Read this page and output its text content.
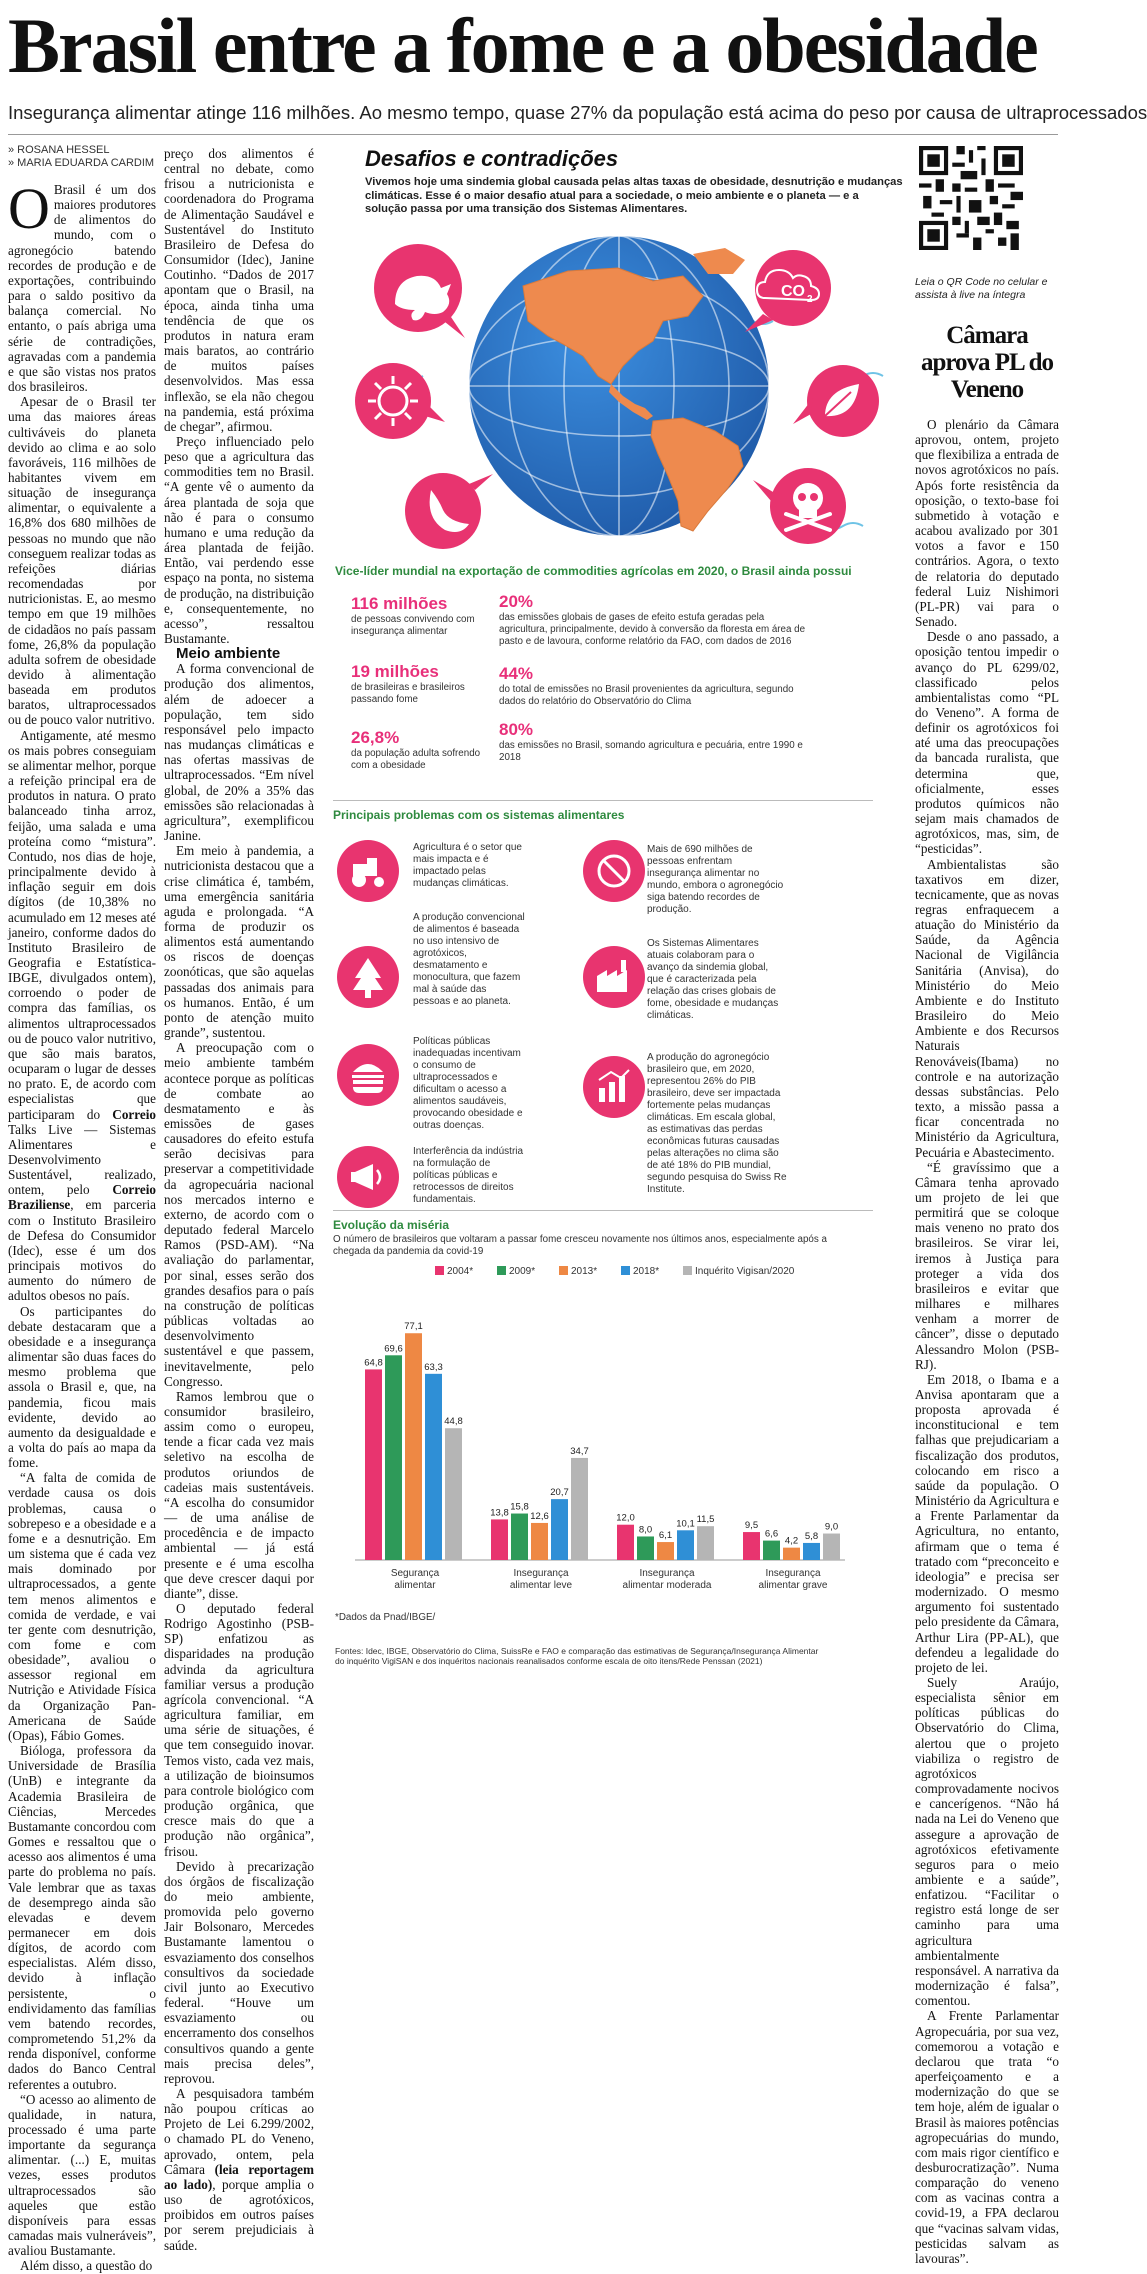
Brasil entre a fome e a obesidade
Insegurança alimentar atinge 116 milhões. Ao mesmo tempo, quase 27% da população está acima do peso por causa de ultraprocessados
» ROSANA HESSEL
» MARIA EDUARDA CARDIM

O Brasil é um dos maiores produtores de alimentos do mundo, com o agronegócio batendo recordes de produção e de exportações, contribuindo para o saldo positivo da balança comercial. No entanto, o país abriga uma série de contradições, agravadas com a pandemia e que são vistas nos pratos dos brasileiros.

Apesar de o Brasil ter uma das maiores áreas cultiváveis do planeta devido ao clima e ao solo favoráveis, 116 milhões de habitantes vivem em situação de insegurança alimentar, o equivalente a 16,8% dos 680 milhões de pessoas no mundo que não conseguem realizar todas as refeições diárias recomendadas por nutricionistas. E, ao mesmo tempo em que 19 milhões de cidadãos no país passam fome, 26,8% da população adulta sofrem de obesidade devido à alimentação baseada em produtos baratos, ultraprocessados ou de pouco valor nutritivo.

Antigamente, até mesmo os mais pobres conseguiam se alimentar melhor, porque a refeição principal era de produtos in natura. O prato balanceado tinha arroz, feijão, uma salada e uma proteína como “mistura”. Contudo, nos dias de hoje, principalmente devido à inflação seguir em dois dígitos (de 10,38% no acumulado em 12 meses até janeiro, conforme dados do Instituto Brasileiro de Geografia e Estatística-IBGE, divulgados ontem), corroendo o poder de compra das famílias, os alimentos ultraprocessados ou de pouco valor nutritivo, que são mais baratos, ocuparam o lugar de desses no prato. E, de acordo com especialistas que participaram do Correio Talks Live — Sistemas Alimentares e Desenvolvimento Sustentável, realizado, ontem, pelo Correio Braziliense, em parceria com o Instituto Brasileiro de Defesa do Consumidor (Idec), esse é um dos principais motivos do aumento do número de adultos obesos no país.

Os participantes do debate destacaram que a obesidade e a insegurança alimentar são duas faces do mesmo problema que assola o Brasil e, que, na pandemia, ficou mais evidente, devido ao aumento da desigualdade e a volta do país ao mapa da fome.

“A falta de comida de verdade causa os dois problemas, causa o sobrepeso e a obesidade e a fome e a desnutrição. Em um sistema que é cada vez mais dominado por ultraprocessados, a gente tem menos alimentos e comida de verdade, e vai ter gente com desnutrição, com fome e com obesidade”, avaliou o assessor regional em Nutrição e Atividade Física da Organização Pan-Americana de Saúde (Opas), Fábio Gomes.

Bióloga, professora da Universidade de Brasília (UnB) e integrante da Academia Brasileira de Ciências, Mercedes Bustamante concordou com Gomes e ressaltou que o acesso aos alimentos é uma parte do problema no país. Vale lembrar que as taxas de desemprego ainda são elevadas e devem permanecer em dois dígitos, de acordo com especialistas. Além disso, devido à inflação persistente, o endividamento das famílias vem batendo recordes, comprometendo 51,2% da renda disponível, conforme dados do Banco Central referentes a outubro.

“O acesso ao alimento de qualidade, in natura, processado é uma parte importante da segurança alimentar. (...) E, muitas vezes, esses produtos ultraprocessados são aqueles que estão disponíveis para essas camadas mais vulneráveis”, avaliou Bustamante.

Além disso, a questão do

preço dos alimentos é central no debate, como frisou a nutricionista e coordenadora do Programa de Alimentação Saudável e Sustentável do Instituto Brasileiro de Defesa do Consumidor (Idec), Janine Coutinho. “Dados de 2017 apontam que o Brasil, na época, ainda tinha uma tendência de que os produtos in natura eram mais baratos, ao contrário de muitos países desenvolvidos. Mas essa inflexão, se ela não chegou na pandemia, está próxima de chegar”, afirmou.

Preço influenciado pelo peso que a agricultura das commodities tem no Brasil. “A gente vê o aumento da área plantada de soja que não é para o consumo humano e uma redução da área plantada de feijão. Então, vai perdendo esse espaço na ponta, no sistema de produção, na distribuição e, consequentemente, no acesso”, ressaltou Bustamante.

Meio ambiente

A forma convencional de produção dos alimentos, além de adoecer a população, tem sido responsável pelo impacto nas mudanças climáticas e nas ofertas massivas de ultraprocessados. “Em nível global, de 20% a 35% das emissões são relacionadas à agricultura”, exemplificou Janine.

Em meio à pandemia, a nutricionista destacou que a crise climática é, também, uma emergência sanitária aguda e prolongada. “A forma de produzir os alimentos está aumentando os riscos de doenças zoonóticas, que são aquelas passadas dos animais para os humanos. Então, é um ponto de atenção muito grande”, sustentou.

A preocupação com o meio ambiente também acontece porque as políticas de combate ao desmatamento e às emissões de gases causadores do efeito estufa serão decisivas para preservar a competitividade da agropecuária nacional nos mercados interno e externo, de acordo com o deputado federal Marcelo Ramos (PSD-AM). “Na avaliação do parlamentar, por sinal, esses serão dos grandes desafios para o país na construção de políticas públicas voltadas ao desenvolvimento sustentável e que passem, inevitavelmente, pelo Congresso.

Ramos lembrou que o consumidor brasileiro, assim como o europeu, tende a ficar cada vez mais seletivo na escolha de produtos oriundos de cadeias mais sustentáveis. “A escolha do consumidor — de uma análise de procedência e de impacto ambiental — já está presente e é uma escolha que deve crescer daqui por diante”, disse.

O deputado federal Rodrigo Agostinho (PSB-SP) enfatizou as disparidades na produção advinda da agricultura familiar versus a produção agrícola convencional. “A agricultura familiar, em uma série de situações, é que tem conseguido inovar. Temos visto, cada vez mais, a utilização de bioinsumos para controle biológico com produção orgânica, que cresce mais do que a produção não orgânica”, frisou.

Devido à precarização dos órgãos de fiscalização do meio ambiente, promovida pelo governo Jair Bolsonaro, Mercedes Bustamante lamentou o esvaziamento dos conselhos consultivos da sociedade civil junto ao Executivo federal. “Houve um esvaziamento ou encerramento dos conselhos consultivos quando a gente mais precisa deles”, reprovou.

A pesquisadora também não poupou críticas ao Projeto de Lei 6.299/2002, o chamado PL do Veneno, aprovado, ontem, pela Câmara (leia reportagem ao lado), porque amplia o uso de agrotóxicos, proibidos em outros países por serem prejudiciais à saúde.

Desafios e contradições
Vivemos hoje uma sindemia global causada pelas altas taxas de obesidade, desnutrição e mudanças climáticas. Esse é o maior desafio atual para a sociedade, o meio ambiente e o planeta — e a solução passa por uma transição dos Sistemas Alimentares.
CO 2
Vice-líder mundial na exportação de commodities agrícolas em 2020, o Brasil ainda possui
116 milhões
de pessoas convivendo com insegurança alimentar
19 milhões
de brasileiras e brasileiros passando fome
26,8%
da população adulta sofrendo com a obesidade
20%
das emissões globais de gases de efeito estufa geradas pela agricultura, principalmente, devido à conversão da floresta em área de pasto e de lavoura, conforme relatório da FAO, com dados de 2016
44%
do total de emissões no Brasil provenientes da agricultura, segundo dados do relatório do Observatório do Clima
80%
das emissões no Brasil, somando agricultura e pecuária, entre 1990 e 2018
Principais problemas com os sistemas alimentares
Agricultura é o setor que mais impacta e é impactado pelas mudanças climáticas.
A produção convencional de alimentos é baseada no uso intensivo de agrotóxicos, desmatamento e monocultura, que fazem mal à saúde das pessoas e ao planeta.
Políticas públicas inadequadas incentivam o consumo de ultraprocessados e dificultam o acesso a alimentos saudáveis, provocando obesidade e outras doenças.
Interferência da indústria na formulação de políticas públicas e retrocessos de direitos fundamentais.
Mais de 690 milhões de pessoas enfrentam insegurança alimentar no mundo, embora o agronegócio siga batendo recordes de produção.
Os Sistemas Alimentares atuais colaboram para o avanço da sindemia global, que é caracterizada pela relação das crises globais de fome, obesidade e mudanças climáticas.
A produção do agronegócio brasileiro que, em 2020, representou 26% do PIB brasileiro, deve ser impactada fortemente pelas mudanças climáticas. Em escala global, as estimativas das perdas econômicas futuras causadas pelas alterações no clima são de até 18% do PIB mundial, segundo pesquisa do Swiss Re Institute.
Evolução da miséria
O número de brasileiros que voltaram a passar fome cresceu novamente nos últimos anos, especialmente após a chegada da pandemia da covid-19
2004*	2009*	2013*	2018*	Inquérito Vigisan/2020
64,8
69,6
77,1
63,3
44,8
Segurança
alimentar
13,8
15,8
12,6
20,7
34,7
Insegurança
alimentar leve
12,0
8,0
6,1
10,1 11,5
Insegurança
alimentar moderada
9,5
6,6
4,2 5,8
9,0
Insegurança
alimentar grave
*Dados da Pnad/IBGE/
Fontes: Idec, IBGE, Observatório do Clima, SuissRe e FAO e comparação das estimativas de Segurança/Insegurança Alimentar do inquérito VigiSAN e dos inquéritos nacionais reanalisados conforme escala de oito itens/Rede Penssan (2021)
Leia o QR Code no celular e assista à live na íntegra
Câmara aprova PL do Veneno

O plenário da Câmara aprovou, ontem, projeto que flexibiliza a entrada de novos agrotóxicos no país. Após forte resistência da oposição, o texto-base foi submetido à votação e acabou avalizado por 301 votos a favor e 150 contrários. Agora, o texto de relatoria do deputado federal Luiz Nishimori (PL-PR) vai para o Senado.

Desde o ano passado, a oposição tentou impedir o avanço do PL 6299/02, classificado pelos ambientalistas como “PL do Veneno”. A forma de definir os agrotóxicos foi até uma das preocupações da bancada ruralista, que determina que, oficialmente, esses produtos químicos não sejam mais chamados de agrotóxicos, mas, sim, de “pesticidas”.

Ambientalistas são taxativos em dizer, tecnicamente, que as novas regras enfraquecem a atuação do Ministério da Saúde, da Agência Nacional de Vigilância Sanitária (Anvisa), do Ministério do Meio Ambiente e do Instituto Brasileiro do Meio Ambiente e dos Recursos Naturais Renováveis(Ibama) no controle e na autorização dessas substâncias. Pelo texto, a missão passa a ficar concentrada no Ministério da Agricultura, Pecuária e Abastecimento.

“É gravíssimo que a Câmara tenha aprovado um projeto de lei que permitirá que se coloque mais veneno no prato dos brasileiros. Se virar lei, iremos à Justiça para proteger a vida dos brasileiros e evitar que milhares e milhares venham a morrer de câncer”, disse o deputado Alessandro Molon (PSB-RJ).

Em 2018, o Ibama e a Anvisa apontaram que a proposta aprovada é inconstitucional e tem falhas que prejudicariam a fiscalização dos produtos, colocando em risco a saúde da população. O Ministério da Agricultura e a Frente Parlamentar da Agricultura, no entanto, afirmam que o tema é tratado com “preconceito e ideologia” e precisa ser modernizado. O mesmo argumento foi sustentado pelo presidente da Câmara, Arthur Lira (PP-AL), que defendeu a legalidade do projeto de lei.

Suely Araújo, especialista sênior em políticas públicas do Observatório do Clima, alertou que o projeto viabiliza o registro de agrotóxicos comprovadamente nocivos e cancerígenos. “Não há nada na Lei do Veneno que assegure a aprovação de agrotóxicos efetivamente seguros para o meio ambiente e a saúde”, enfatizou. “Facilitar o registro está longe de ser caminho para uma agricultura ambientalmente responsável. A narrativa da modernização é falsa”, comentou.

A Frente Parlamentar Agropecuária, por sua vez, comemorou a votação e declarou que trata “o aperfeiçoamento e a modernização do que se tem hoje, além de igualar o Brasil às maiores potências agropecuárias do mundo, com mais rigor científico e desburocratização”. Numa comparação do veneno com as vacinas contra a covid-19, a FPA declarou que “vacinas salvam vidas, pesticidas salvam as lavouras”.
